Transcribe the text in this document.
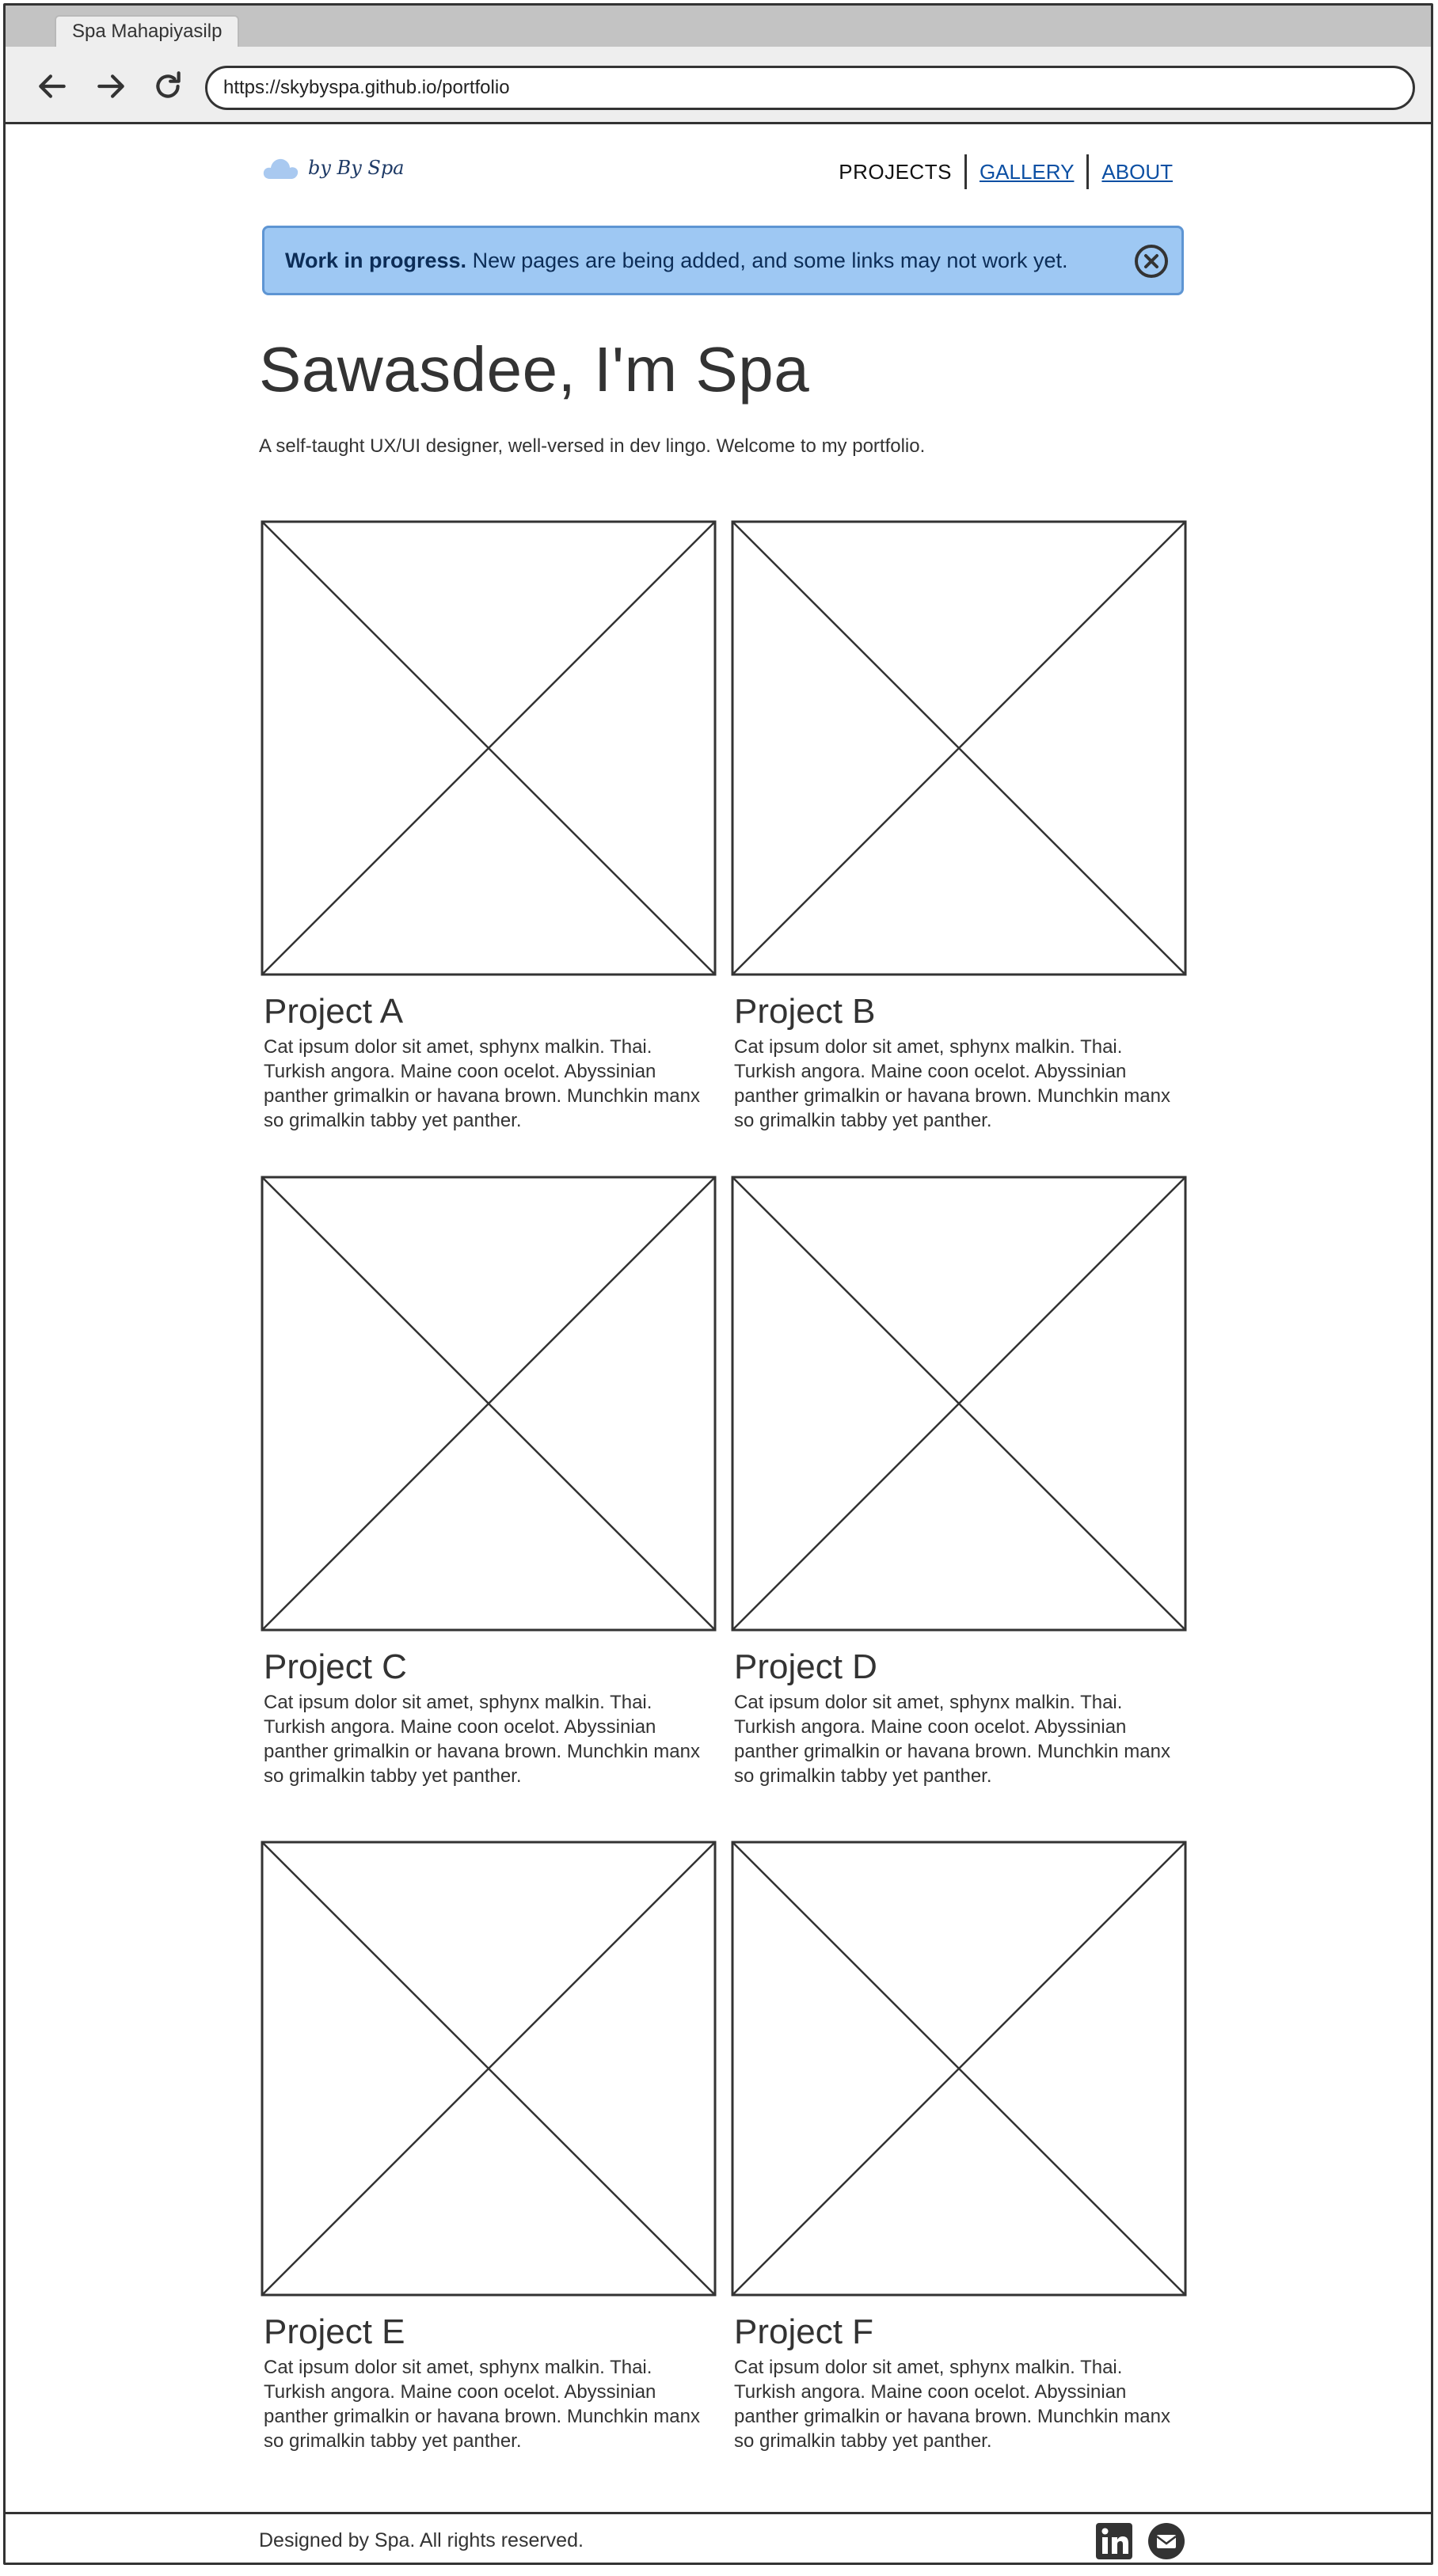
Spa Mahapiyasilp
https://skybyspa.github.io/portfolio
by By Spa	PROJECTS	GALLERY	ABOUT
Work in progress. New pages are being added, and some links may not work yet.
Sawasdee, I'm Spa

A self-taught UX/UI designer, well-versed in dev lingo. Welcome to my portfolio.

Project A

Cat ipsum dolor sit amet, sphynx malkin. Thai. Turkish angora. Maine coon ocelot. Abyssinian panther grimalkin or havana brown. Munchkin manx so grimalkin tabby yet panther.

Project B

Cat ipsum dolor sit amet, sphynx malkin. Thai. Turkish angora. Maine coon ocelot. Abyssinian panther grimalkin or havana brown. Munchkin manx so grimalkin tabby yet panther.

Project C

Cat ipsum dolor sit amet, sphynx malkin. Thai. Turkish angora. Maine coon ocelot. Abyssinian panther grimalkin or havana brown. Munchkin manx so grimalkin tabby yet panther.

Project D

Cat ipsum dolor sit amet, sphynx malkin. Thai. Turkish angora. Maine coon ocelot. Abyssinian panther grimalkin or havana brown. Munchkin manx so grimalkin tabby yet panther.

Project E

Cat ipsum dolor sit amet, sphynx malkin. Thai. Turkish angora. Maine coon ocelot. Abyssinian panther grimalkin or havana brown. Munchkin manx so grimalkin tabby yet panther.

Project F

Cat ipsum dolor sit amet, sphynx malkin. Thai. Turkish angora. Maine coon ocelot. Abyssinian panther grimalkin or havana brown. Munchkin manx so grimalkin tabby yet panther.

Designed by Spa. All rights reserved.
